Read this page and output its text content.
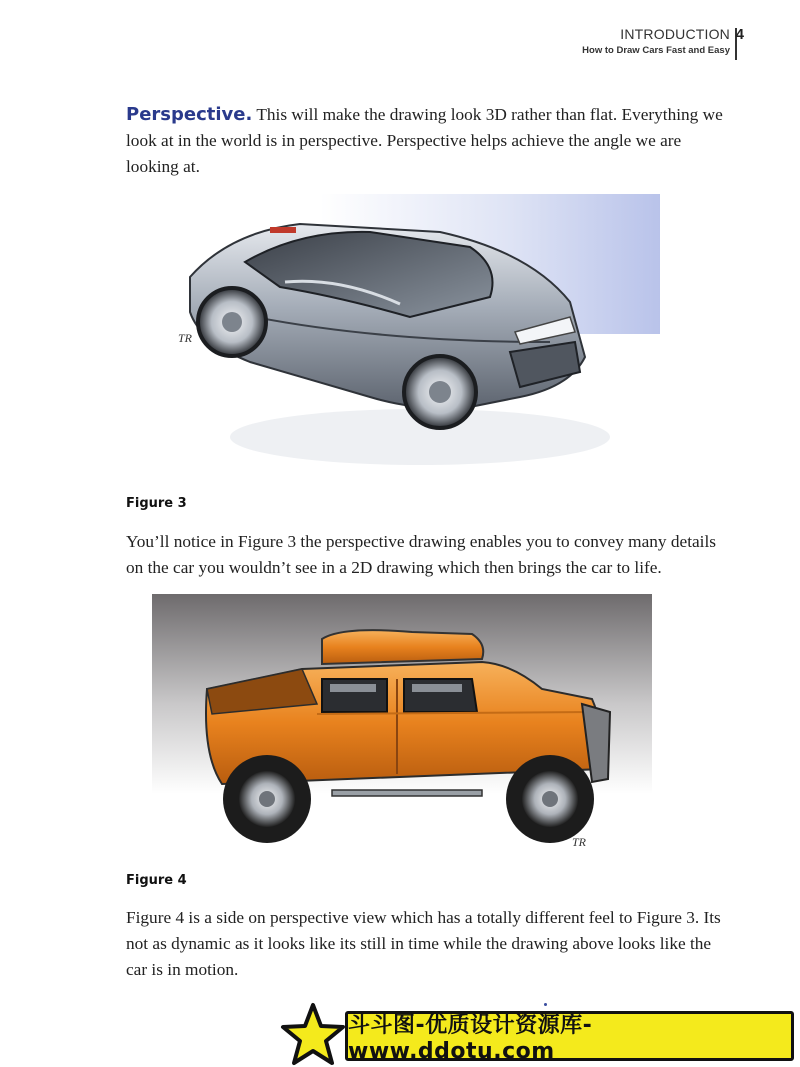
INTRODUCTION
How to Draw Cars Fast and Easy
4
Perspective. This will make the drawing look 3D rather than flat. Everything we look at in the world is in perspective. Perspective helps achieve the angle we are looking at.
TR
Figure 3
You’ll notice in Figure 3 the perspective drawing enables you to convey many details on the car you wouldn’t see in a 2D drawing which then brings the car to life.
TR
Figure 4
Figure 4 is a side on perspective view which has a totally different feel to Figure 3. Its not as dynamic as it looks like its still in time while the drawing above looks like the car is in motion.
斗斗图-优质设计资源库-www.ddotu.com
